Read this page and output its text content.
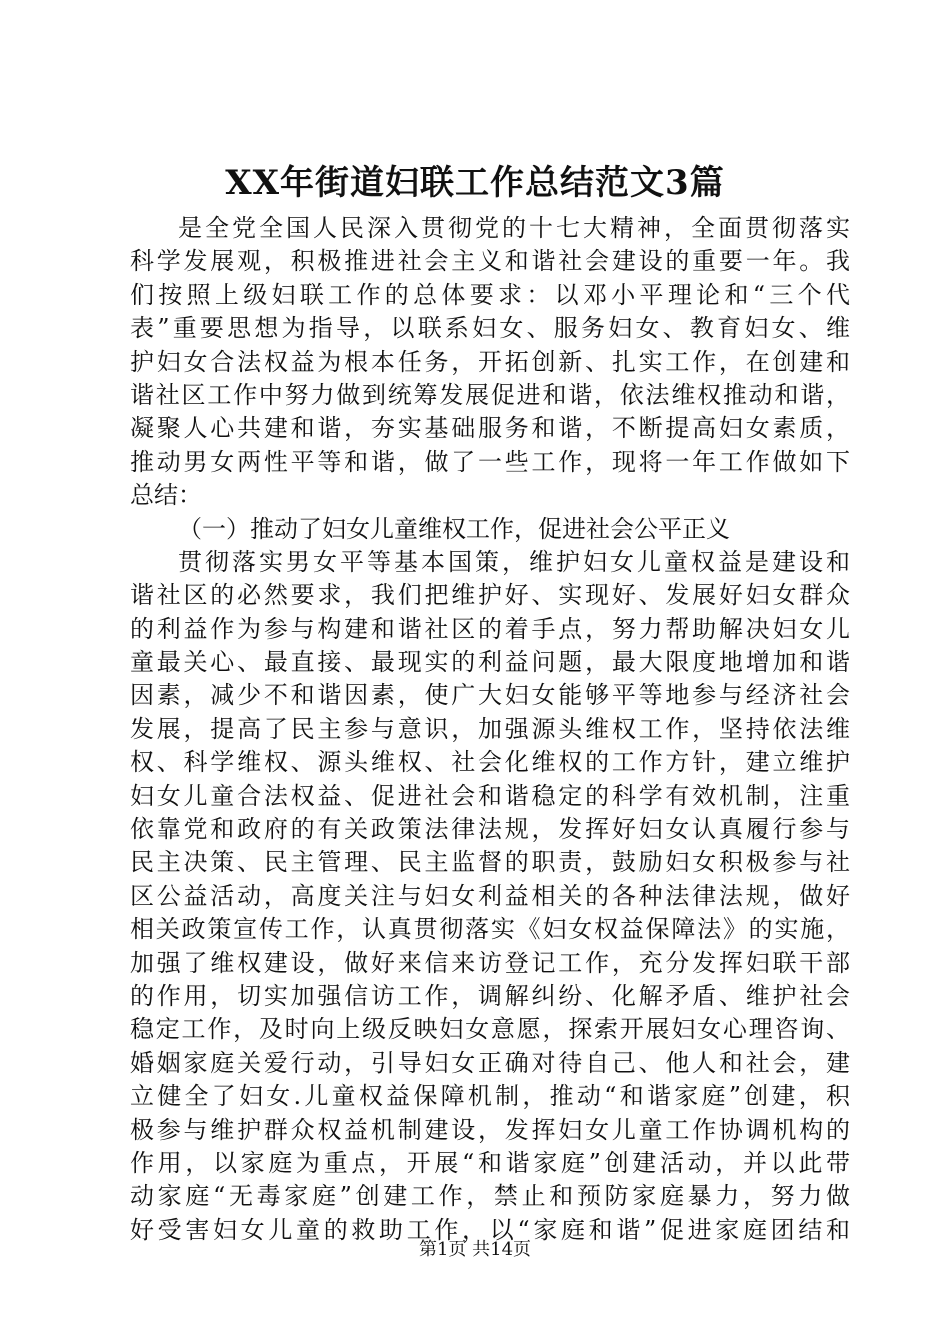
XX年街道妇联工作总结范文3篇
是全党全国人民深入贯彻党的十七大精神，全面贯彻落实
科学发展观，积极推进社会主义和谐社会建设的重要一年。我
们按照上级妇联工作的总体要求：以邓小平理论和“三个代
表”重要思想为指导，以联系妇女、服务妇女、教育妇女、维
护妇女合法权益为根本任务，开拓创新、扎实工作，在创建和
谐社区工作中努力做到统筹发展促进和谐，依法维权推动和谐，
凝聚人心共建和谐，夯实基础服务和谐，不断提高妇女素质，
推动男女两性平等和谐，做了一些工作，现将一年工作做如下
总结：
（一）推动了妇女儿童维权工作，促进社会公平正义
贯彻落实男女平等基本国策，维护妇女儿童权益是建设和
谐社区的必然要求，我们把维护好、实现好、发展好妇女群众
的利益作为参与构建和谐社区的着手点，努力帮助解决妇女儿
童最关心、最直接、最现实的利益问题，最大限度地增加和谐
因素，减少不和谐因素，使广大妇女能够平等地参与经济社会
发展，提高了民主参与意识，加强源头维权工作，坚持依法维
权、科学维权、源头维权、社会化维权的工作方针，建立维护
妇女儿童合法权益、促进社会和谐稳定的科学有效机制，注重
依靠党和政府的有关政策法律法规，发挥好妇女认真履行参与
民主决策、民主管理、民主监督的职责，鼓励妇女积极参与社
区公益活动，高度关注与妇女利益相关的各种法律法规，做好
相关政策宣传工作，认真贯彻落实《妇女权益保障法》的实施，
加强了维权建设，做好来信来访登记工作，充分发挥妇联干部
的作用，切实加强信访工作，调解纠纷、化解矛盾、维护社会
稳定工作，及时向上级反映妇女意愿，探索开展妇女心理咨询、
婚姻家庭关爱行动，引导妇女正确对待自己、他人和社会，建
立健全了妇女.儿童权益保障机制，推动“和谐家庭”创建，积
极参与维护群众权益机制建设，发挥妇女儿童工作协调机构的
作用，以家庭为重点，开展“和谐家庭”创建活动，并以此带
动家庭“无毒家庭”创建工作，禁止和预防家庭暴力，努力做
好受害妇女儿童的救助工作，以“家庭和谐”促进家庭团结和
第1页 共14页
